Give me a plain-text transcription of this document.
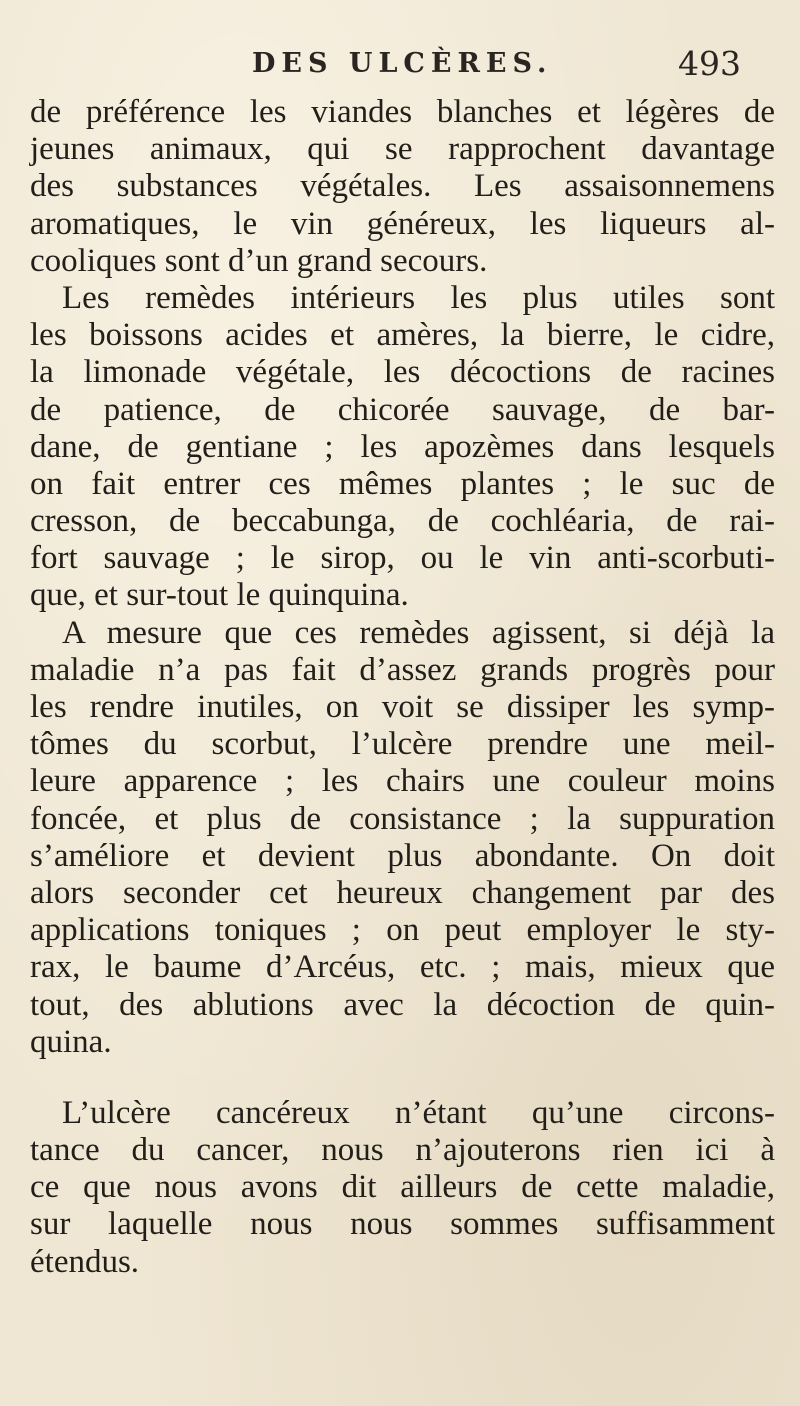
DES ULCÈRES.	493
de préférence les viandes blanches et légères de
jeunes animaux, qui se rapprochent davantage
des substances végétales. Les assaisonnemens
aromatiques, le vin généreux, les liqueurs al-
cooliques sont d’un grand secours.
Les remèdes intérieurs les plus utiles sont
les boissons acides et amères, la bierre, le cidre,
la limonade végétale, les décoctions de racines
de patience, de chicorée sauvage, de bar-
dane, de gentiane ; les apozèmes dans lesquels
on fait entrer ces mêmes plantes ; le suc de
cresson, de beccabunga, de cochléaria, de rai-
fort sauvage ; le sirop, ou le vin anti-scorbuti-
que, et sur-tout le quinquina.
A mesure que ces remèdes agissent, si déjà la
maladie n’a pas fait d’assez grands progrès pour
les rendre inutiles, on voit se dissiper les symp-
tômes du scorbut, l’ulcère prendre une meil-
leure apparence ; les chairs une couleur moins
foncée, et plus de consistance ; la suppuration
s’améliore et devient plus abondante. On doit
alors seconder cet heureux changement par des
applications toniques ; on peut employer le sty-
rax, le baume d’Arcéus, etc. ; mais, mieux que
tout, des ablutions avec la décoction de quin-
quina.
L’ulcère cancéreux n’étant qu’une circons-
tance du cancer, nous n’ajouterons rien ici à
ce que nous avons dit ailleurs de cette maladie,
sur laquelle nous nous sommes suffisamment
étendus.
